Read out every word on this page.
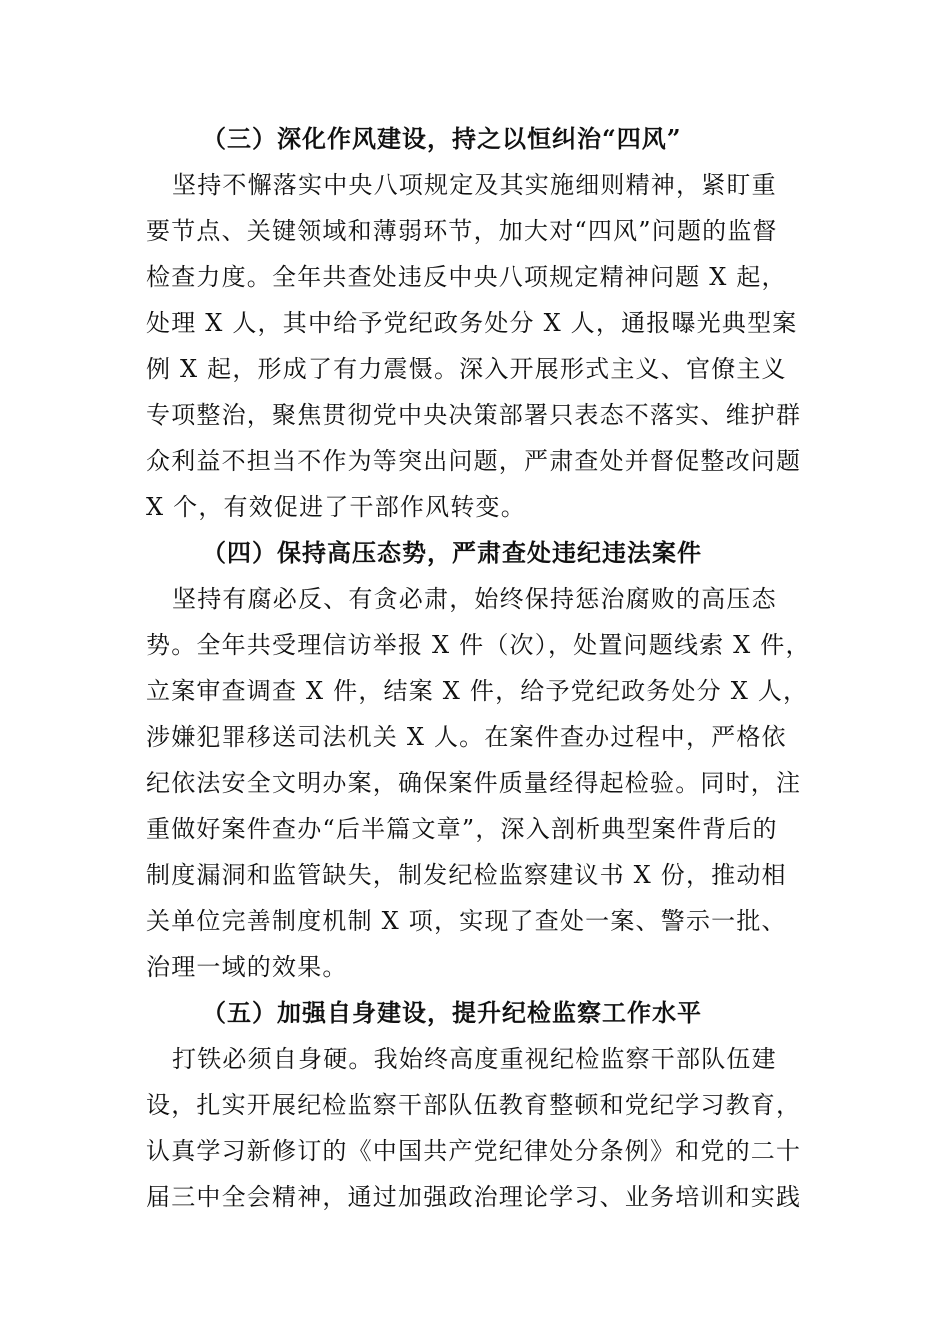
（三）深化作风建设，持之以恒纠治“四风”

坚持不懈落实中央八项规定及其实施细则精神，紧盯重
要节点、关键领域和薄弱环节，加大对“四风”问题的监督
检查力度。全年共查处违反中央八项规定精神问题 X 起，
处理 X 人，其中给予党纪政务处分 X 人，通报曝光典型案
例 X 起，形成了有力震慑。深入开展形式主义、官僚主义
专项整治，聚焦贯彻党中央决策部署只表态不落实、维护群
众利益不担当不作为等突出问题，严肃查处并督促整改问题
X 个，有效促进了干部作风转变。

（四）保持高压态势，严肃查处违纪违法案件

坚持有腐必反、有贪必肃，始终保持惩治腐败的高压态
势。全年共受理信访举报 X 件（次），处置问题线索 X 件，
立案审查调查 X 件，结案 X 件，给予党纪政务处分 X 人，
涉嫌犯罪移送司法机关 X 人。在案件查办过程中，严格依
纪依法安全文明办案，确保案件质量经得起检验。同时，注
重做好案件查办“后半篇文章”，深入剖析典型案件背后的
制度漏洞和监管缺失，制发纪检监察建议书 X 份，推动相
关单位完善制度机制 X 项，实现了查处一案、警示一批、
治理一域的效果。

（五）加强自身建设，提升纪检监察工作水平

打铁必须自身硬。我始终高度重视纪检监察干部队伍建
设，扎实开展纪检监察干部队伍教育整顿和党纪学习教育，
认真学习新修订的《中国共产党纪律处分条例》和党的二十
届三中全会精神，通过加强政治理论学习、业务培训和实践
